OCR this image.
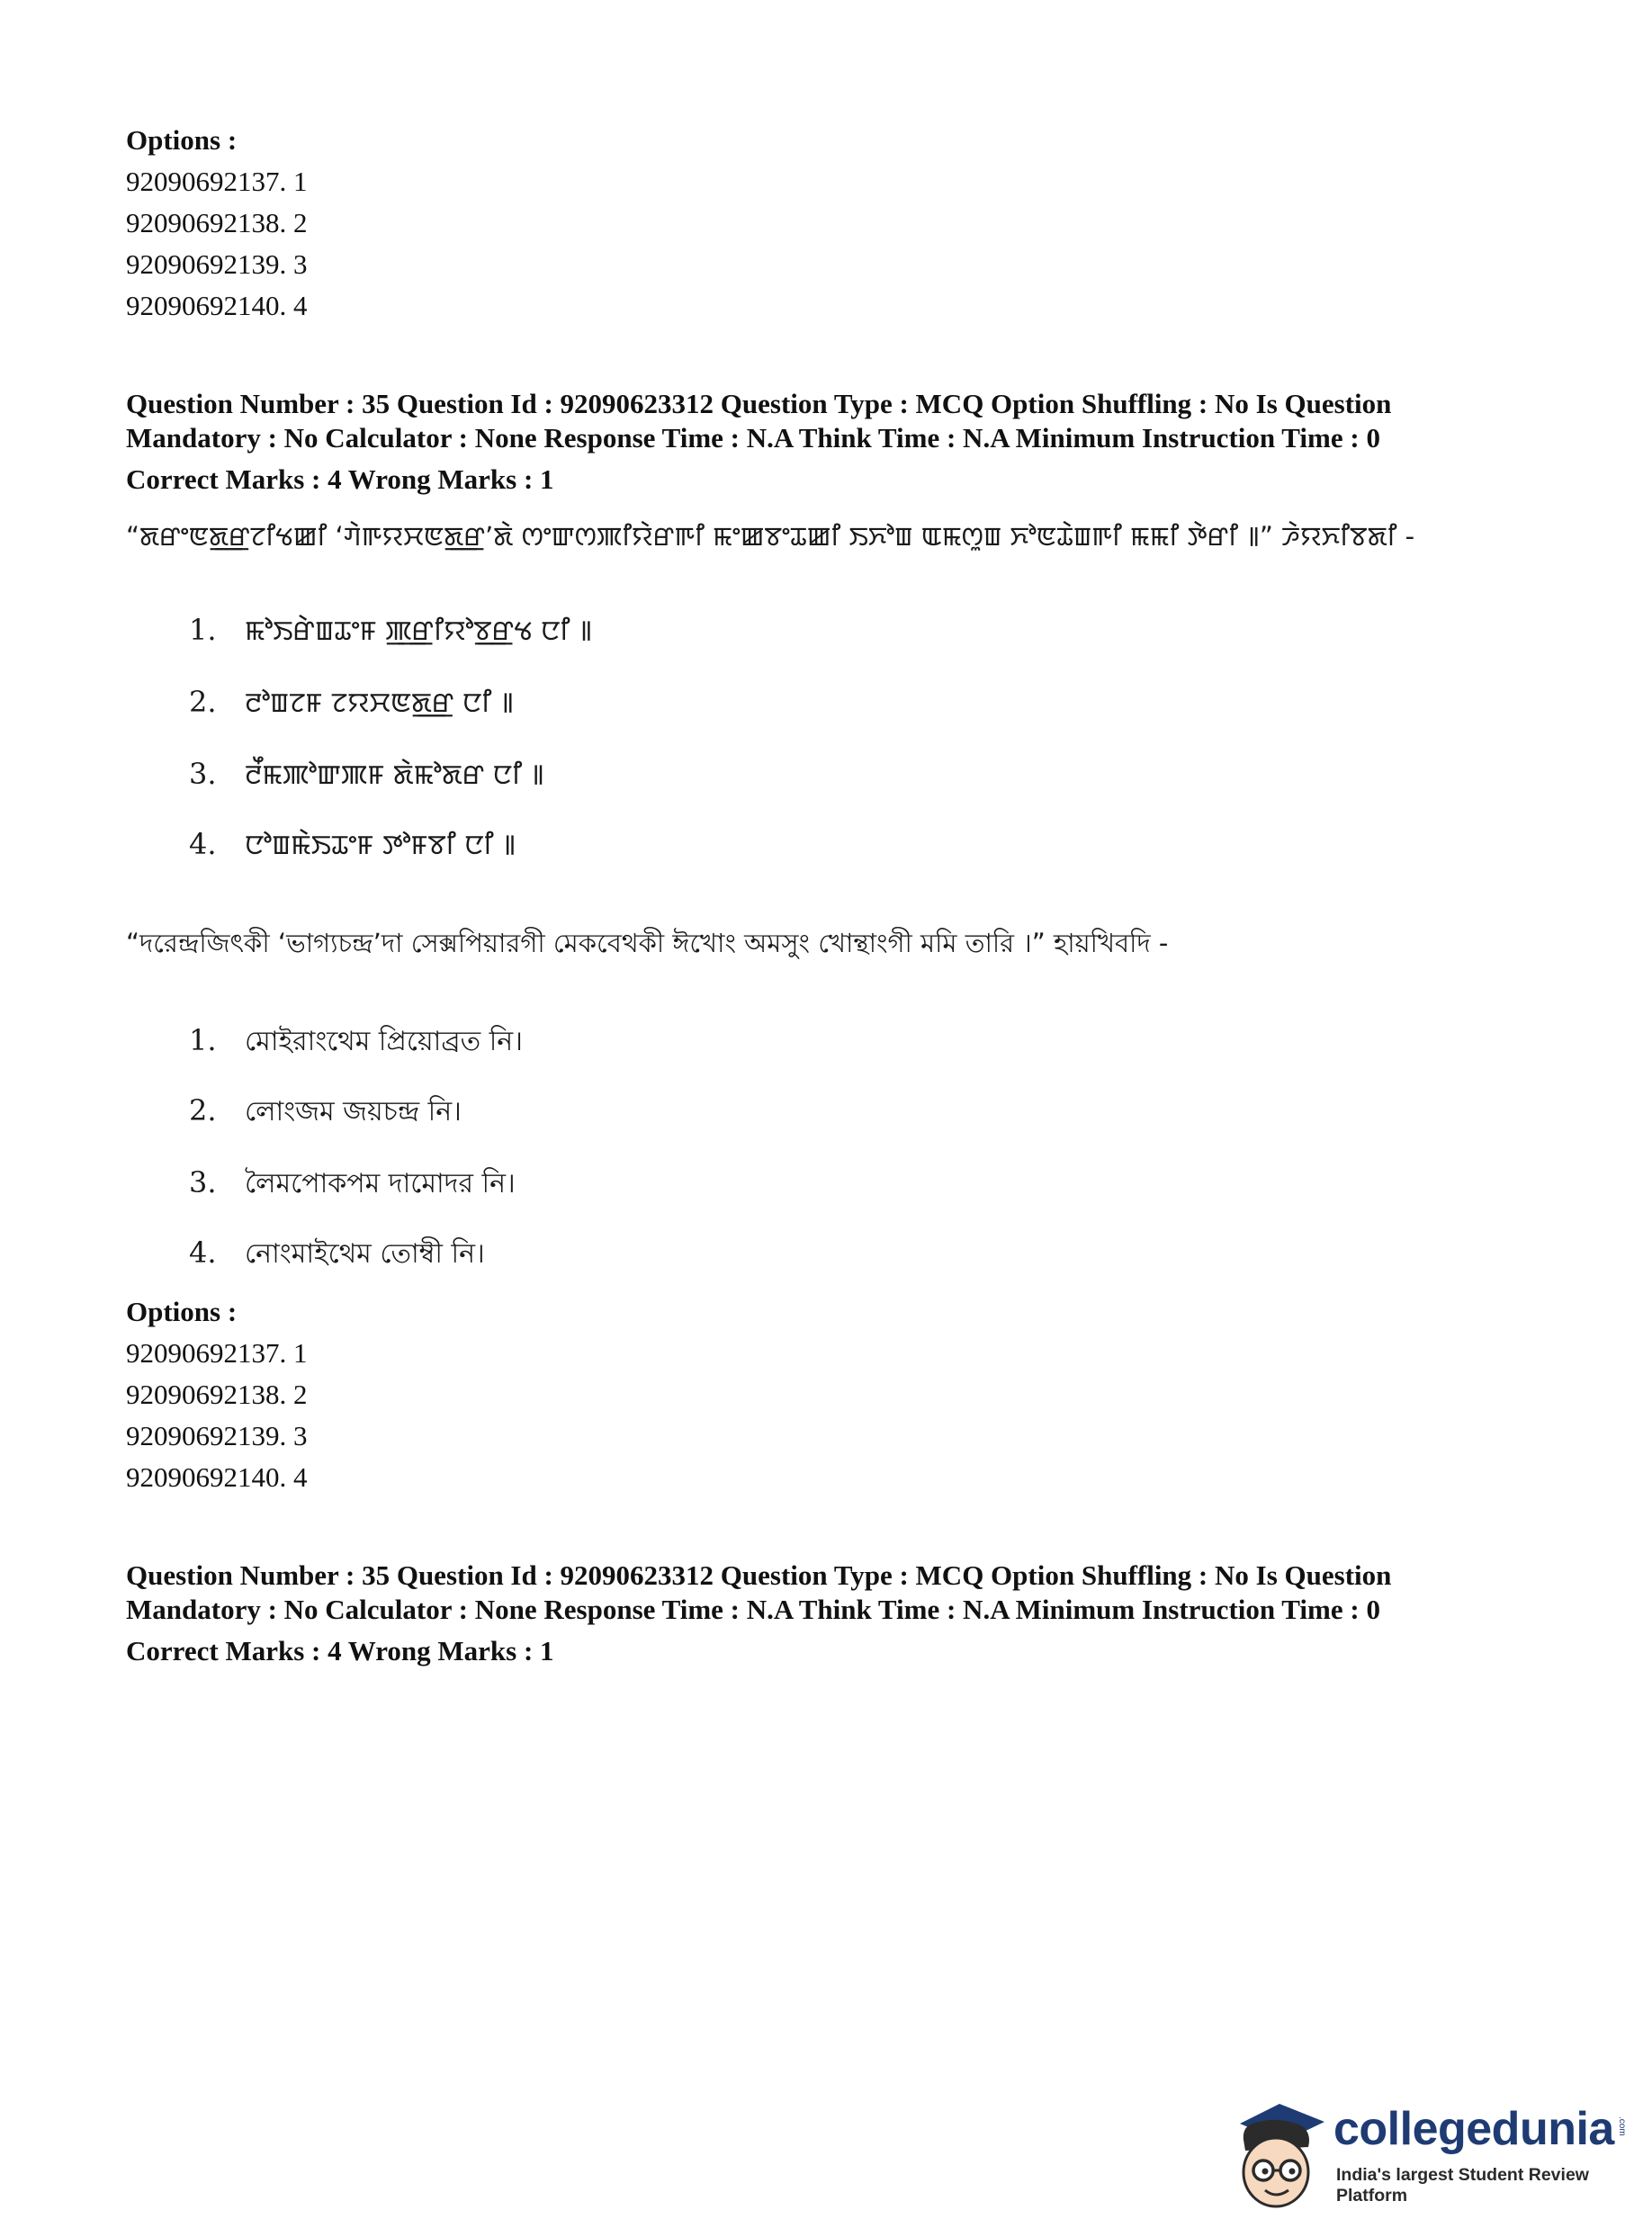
Options :
92090692137. 1
92090692138. 2
92090692139. 3
92090692140. 4
Question Number : 35 Question Id : 92090623312 Question Type : MCQ Option Shuffling : No Is Question
Mandatory : No Calculator : None Response Time : N.A Think Time : N.A Minimum Instruction Time : 0
Correct Marks : 4 Wrong Marks : 1
“ꯗꯔꯦꯟꯗ꯭ꯔꯖꯤꯠꯀꯤ ‘ꯚꯥꯒꯌꯆꯟꯗ꯭ꯔ’ꯗꯥ ꯁꯦꯛꯁꯄꯤꯌꯥꯔꯒꯤ ꯃꯦꯀꯕꯦꯊꯀꯤ ꯏꯈꯣꯡ ꯑꯃꯁꯨꯡ ꯈꯣꯟꯊꯥꯡꯒꯤ ꯃꯃꯤ ꯇꯥꯔꯤ ꯫” ꯍꯥꯌꯈꯤꯕꯗꯤ -
1. ꯃꯣꯏꯔꯥꯡꯊꯦꯝ ꯄ꯭ꯔꯤꯌꯣꯕ꯭ꯔꯠ ꯅꯤ ꯫
2. ꯂꯣꯡꯖꯝ ꯖꯌꯆꯟꯗ꯭ꯔ ꯅꯤ ꯫
3. ꯂꯩꯃꯄꯣꯛꯄꯝ ꯗꯥꯃꯣꯗꯔ ꯅꯤ ꯫
4. ꯅꯣꯡꯃꯥꯏꯊꯦꯝ ꯇꯣꯝꯕꯤ ꯅꯤ ꯫
“দরেন্দ্রজিৎকী ‘ভাগ্যচন্দ্র’দা সেক্সপিয়ারগী মেকবেথকী ঈখোং অমসুং খোন্থাংগী মমি তারি ।” হায়খিবদি -
1. মোইরাংথেম প্রিয়োব্রত নি।
2. লোংজম জয়চন্দ্র নি।
3. লৈমপোকপম দামোদর নি।
4. নোংমাইথেম তোম্বী নি।
Options :
92090692137. 1
92090692138. 2
92090692139. 3
92090692140. 4
Question Number : 35 Question Id : 92090623312 Question Type : MCQ Option Shuffling : No Is Question
Mandatory : No Calculator : None Response Time : N.A Think Time : N.A Minimum Instruction Time : 0
Correct Marks : 4 Wrong Marks : 1
collegedunia .com
India's largest Student Review Platform
